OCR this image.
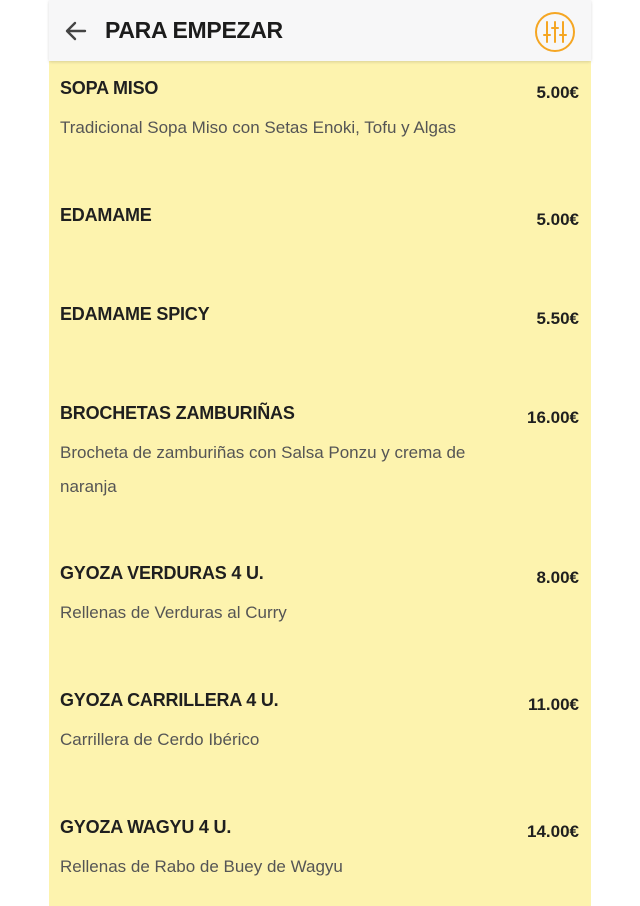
PARA EMPEZAR
SOPA MISO	5.00€
Tradicional Sopa Miso con Setas Enoki, Tofu y Algas
EDAMAME	5.00€
EDAMAME SPICY	5.50€
BROCHETAS ZAMBURIÑAS	16.00€
Brocheta de zamburiñas con Salsa Ponzu y crema de naranja
GYOZA VERDURAS 4 U.	8.00€
Rellenas de Verduras al Curry
GYOZA CARRILLERA 4 U.	11.00€
Carrillera de Cerdo Ibérico
GYOZA WAGYU 4 U.	14.00€
Rellenas de Rabo de Buey de Wagyu
